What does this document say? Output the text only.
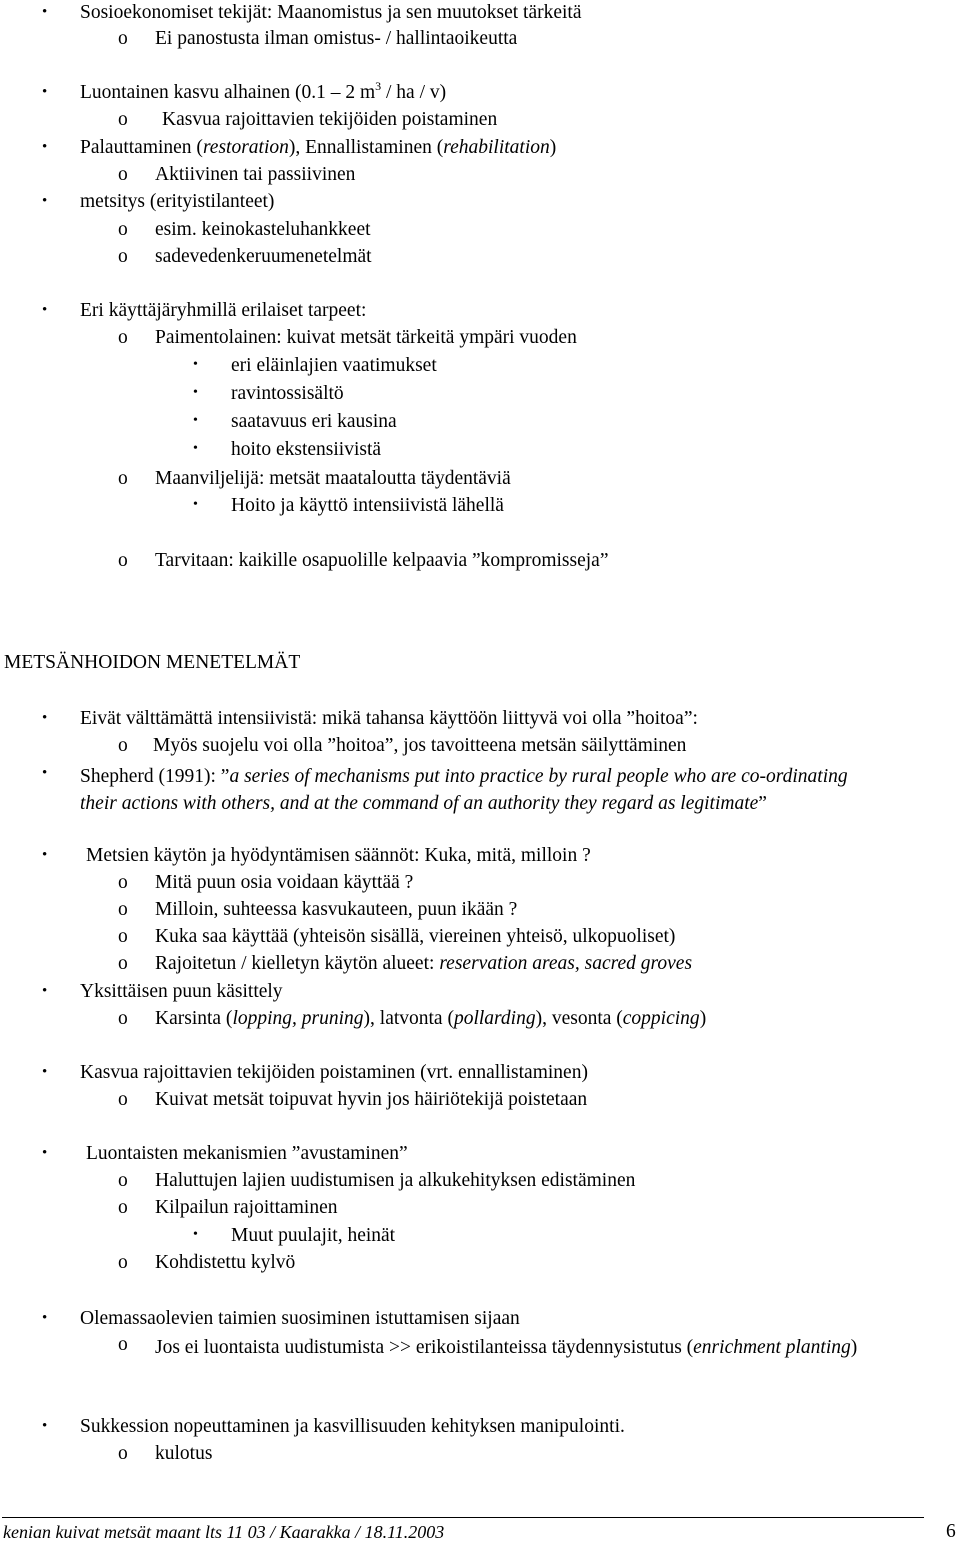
• Sosioekonomiset tekijät: Maanomistus ja sen muutokset tärkeitä
o Ei panostusta ilman omistus- / hallintaoikeutta
• Luontainen kasvu alhainen (0.1 – 2 $m^3$ / ha / v)
o Kasvua rajoittavien tekijöiden poistaminen
• Palauttaminen (restoration), Ennallistaminen (rehabilitation)
o Aktiivinen tai passiivinen
• metsitys (erityistilanteet)
o esim. keinokasteluhankkeet
o sadevedenkeruumenetelmät
• Eri käyttäjäryhmillä erilaiset tarpeet:
o Paimentolainen: kuivat metsät tärkeitä ympäri vuoden
• eri eläinlajien vaatimukset
• ravintossisältö
• saatavuus eri kausina
• hoito ekstensiivistä
o Maanviljelijä: metsät maataloutta täydentäviä
• Hoito ja käyttö intensiivistä lähellä
o Tarvitaan: kaikille osapuolille kelpaavia ”kompromisseja”
METSÄNHOIDON MENETELMÄT
• Eivät välttämättä intensiivistä: mikä tahansa käyttöön liittyvä voi olla ”hoitoa”:
o Myös suojelu voi olla ”hoitoa”, jos tavoitteena metsän säilyttäminen
• Shepherd (1991): ”a series of mechanisms put into practice by rural people who are co-ordinating their actions with others, and at the command of an authority they regard as legitimate”
• Metsien käytön ja hyödyntämisen säännöt: Kuka, mitä, milloin ?
o Mitä puun osia voidaan käyttää ?
o Milloin, suhteessa kasvukauteen, puun ikään ?
o Kuka saa käyttää (yhteisön sisällä, viereinen yhteisö, ulkopuoliset)
o Rajoitetun / kielletyn käytön alueet: reservation areas, sacred groves
• Yksittäisen puun käsittely
o Karsinta (lopping, pruning), latvonta (pollarding), vesonta (coppicing)
• Kasvua rajoittavien tekijöiden poistaminen (vrt. ennallistaminen)
o Kuivat metsät toipuvat hyvin jos häiriötekijä poistetaan
• Luontaisten mekanismien ”avustaminen”
o Haluttujen lajien uudistumisen ja alkukehityksen edistäminen
o Kilpailun rajoittaminen
• Muut puulajit, heinät
o Kohdistettu kylvö
• Olemassaolevien taimien suosiminen istuttamisen sijaan
o Jos ei luontaista uudistumista >> erikoistilanteissa täydennysistutus (enrichment planting)
• Sukkession nopeuttaminen ja kasvillisuuden kehityksen manipulointi.
o kulotus
kenian kuivat metsät maant lts 11 03 / Kaarakka / 18.11.2003	6
